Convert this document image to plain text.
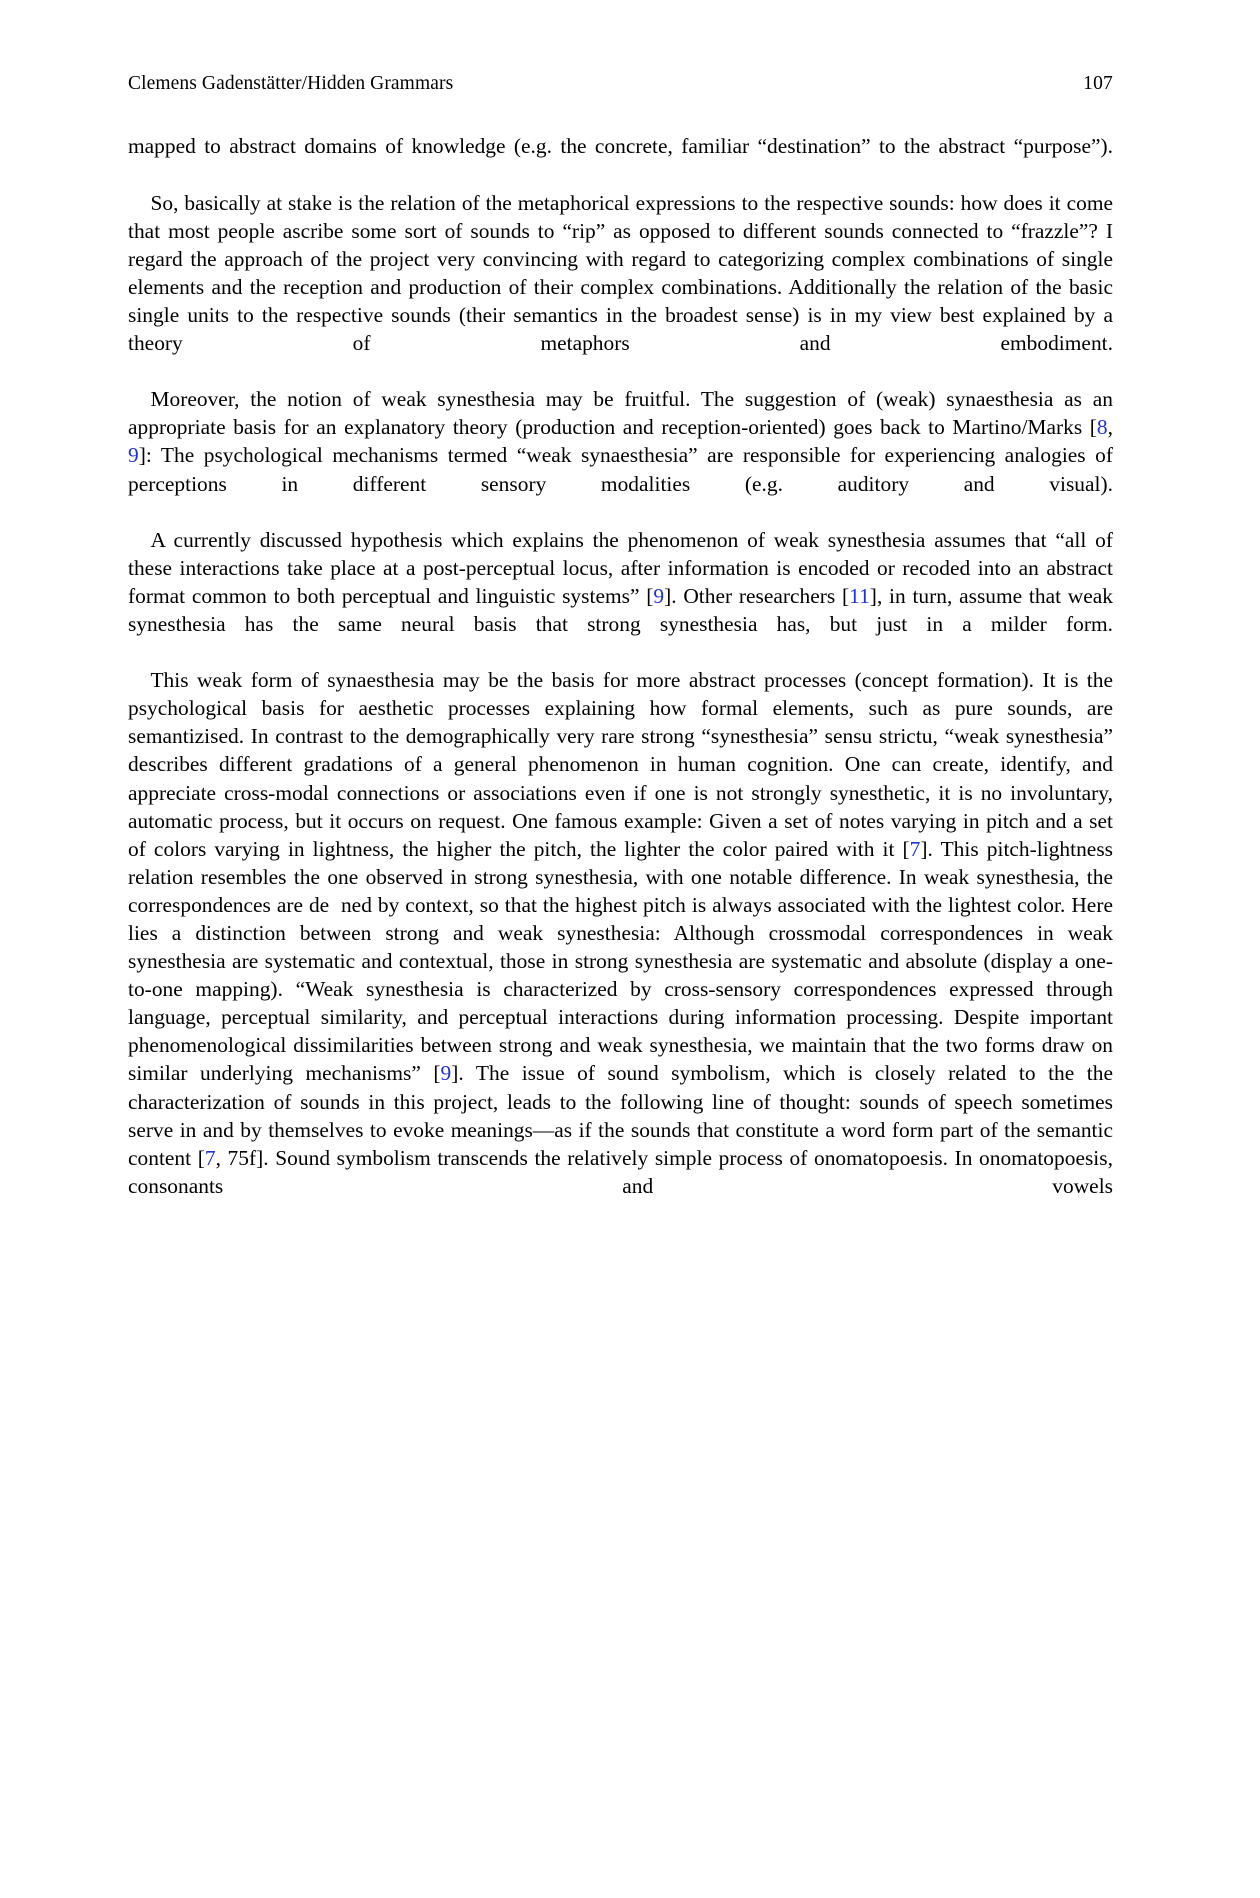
Clemens Gadenstätter/Hidden Grammars	107

mapped to abstract domains of knowledge (e.g. the concrete, familiar “destination” to the abstract “purpose”).

So, basically at stake is the relation of the metaphorical expressions to the respective sounds: how does it come that most people ascribe some sort of sounds to “rip” as opposed to different sounds connected to “frazzle”? I regard the approach of the project very convincing with regard to categorizing complex combinations of single elements and the reception and production of their complex combinations. Additionally the relation of the basic single units to the respective sounds (their semantics in the broadest sense) is in my view best explained by a theory of metaphors and embodiment.

Moreover, the notion of weak synesthesia may be fruitful. The suggestion of (weak) synaesthesia as an appropriate basis for an explanatory theory (production and reception-oriented) goes back to Martino/Marks [8, 9]: The psychological mechanisms termed “weak synaesthesia” are responsible for experiencing analogies of perceptions in different sensory modalities (e.g. auditory and visual).

A currently discussed hypothesis which explains the phenomenon of weak synesthesia assumes that “all of these interactions take place at a post-perceptual locus, after information is encoded or recoded into an abstract format common to both perceptual and linguistic systems” [9]. Other researchers [11], in turn, assume that weak synesthesia has the same neural basis that strong synesthesia has, but just in a milder form.

This weak form of synaesthesia may be the basis for more abstract processes (concept formation). It is the psychological basis for aesthetic processes explaining how formal elements, such as pure sounds, are semantizised. In contrast to the demographically very rare strong “synesthesia” sensu strictu, “weak synesthesia” describes different gradations of a general phenomenon in human cognition. One can create, identify, and appreciate cross-modal connections or associations even if one is not strongly synesthetic, it is no involuntary, automatic process, but it occurs on request. One famous example: Given a set of notes varying in pitch and a set of colors varying in lightness, the higher the pitch, the lighter the color paired with it [7]. This pitch-lightness relation resembles the one observed in strong synesthesia, with one notable difference. In weak synesthesia, the correspondences are de ned by context, so that the highest pitch is always associated with the lightest color. Here lies a distinction between strong and weak synesthesia: Although crossmodal correspondences in weak synesthesia are systematic and contextual, those in strong synesthesia are systematic and absolute (display a one-to-one mapping). “Weak synesthesia is characterized by cross-sensory correspondences expressed through language, perceptual similarity, and perceptual interactions during information processing. Despite important phenomenological dissimilarities between strong and weak synesthesia, we maintain that the two forms draw on similar underlying mechanisms” [9]. The issue of sound symbolism, which is closely related to the the characterization of sounds in this project, leads to the following line of thought: sounds of speech sometimes serve in and by themselves to evoke meanings—as if the sounds that constitute a word form part of the semantic content [7, 75f]. Sound symbolism transcends the relatively simple process of onomatopoesis. In onomatopoesis, consonants and vowels
